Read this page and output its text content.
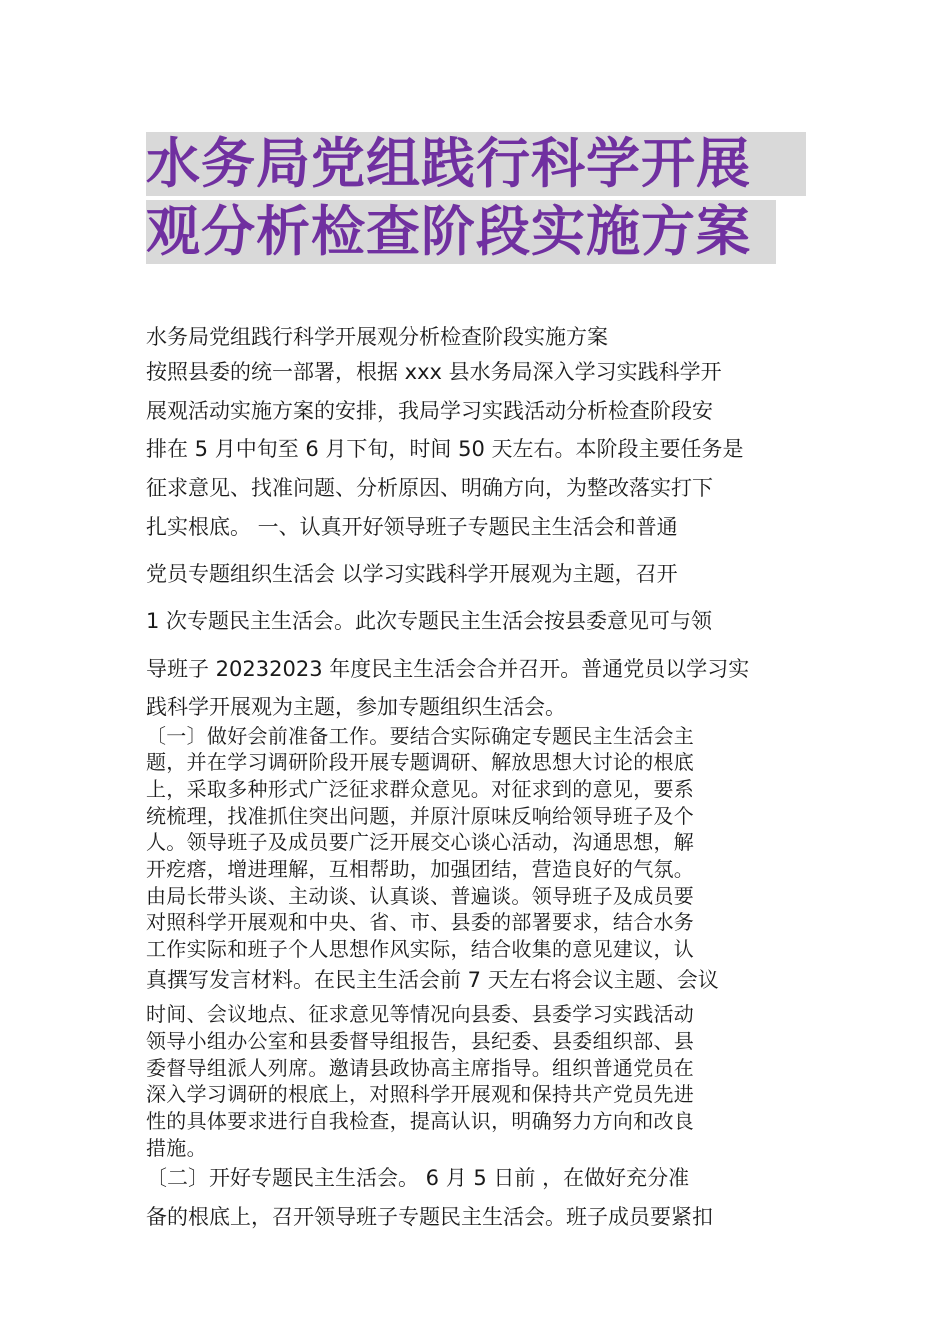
水务局党组践行科学开展
观分析检查阶段实施方案
水务局党组践行科学开展观分析检查阶段实施方案
按照县委的统一部署，根据 xxx 县水务局深入学习实践科学开
展观活动实施方案的安排，我局学习实践活动分析检查阶段安
排在 5 月中旬至 6 月下旬，时间 50 天左右。本阶段主要任务是
征求意见、找准问题、分析原因、明确方向，为整改落实打下
扎实根底。 一、认真开好领导班子专题民主生活会和普通
党员专题组织生活会 以学习实践科学开展观为主题，召开
1 次专题民主生活会。此次专题民主生活会按县委意见可与领
导班子 20232023 年度民主生活会合并召开。普通党员以学习实
践科学开展观为主题，参加专题组织生活会。
〔一〕做好会前准备工作。要结合实际确定专题民主生活会主
题，并在学习调研阶段开展专题调研、解放思想大讨论的根底
上，采取多种形式广泛征求群众意见。对征求到的意见，要系
统梳理，找准抓住突出问题，并原汁原味反响给领导班子及个
人。领导班子及成员要广泛开展交心谈心活动，沟通思想，解
开疙瘩，增进理解，互相帮助，加强团结，营造良好的气氛。
由局长带头谈、主动谈、认真谈、普遍谈。领导班子及成员要
对照科学开展观和中央、省、市、县委的部署要求，结合水务
工作实际和班子个人思想作风实际，结合收集的意见建议，认
真撰写发言材料。在民主生活会前 7 天左右将会议主题、会议
时间、会议地点、征求意见等情况向县委、县委学习实践活动
领导小组办公室和县委督导组报告，县纪委、县委组织部、县
委督导组派人列席。邀请县政协高主席指导。组织普通党员在
深入学习调研的根底上，对照科学开展观和保持共产党员先进
性的具体要求进行自我检查，提高认识，明确努力方向和改良
措施。
〔二〕开好专题民主生活会。 6 月 5 日前 ，在做好充分准
备的根底上，召开领导班子专题民主生活会。班子成员要紧扣
